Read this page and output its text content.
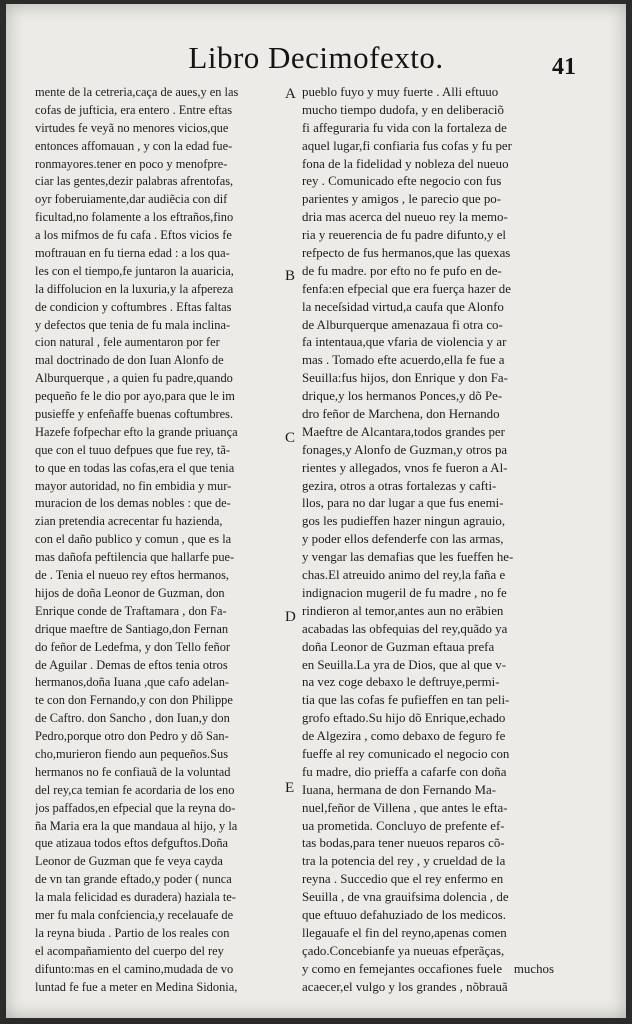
Libro Decimofexto.	41
mente de la cetreria,caça de aues,y en las
cofas de jufticia, era entero . Entre eftas
virtudes fe veyã no menores vicios,que
entonces affomauan , y con la edad fue-
ronmayores.tener en poco y menofpre-
ciar las gentes,dezir palabras afrentofas,
oyr foberuiamente,dar audiẽcia con dif
ficultad,no folamente a los eftraños,fino
a los mifmos de fu cafa . Eftos vicios fe
moftrauan en fu tierna edad : a los qua-
les con el tiempo,fe juntaron la auaricia,
la diffolucion en la luxuria,y la afpereza
de condicion y coftumbres . Eftas faltas
y defectos que tenia de fu mala inclina-
cion natural , fele aumentaron por fer
mal doctrinado de don Iuan Alonfo de
Alburquerque , a quien fu padre,quando
pequeño fe le dio por ayo,para que le im
pusieffe y enfeñaffe buenas coftumbres.
Hazefe fofpechar efto la grande priuança
que con el tuuo defpues que fue rey, tã-
to que en todas las cofas,era el que tenia
mayor autoridad, no fin embidia y mur-
muracion de los demas nobles : que de-
zian pretendia acrecentar fu hazienda,
con el daño publico y comun , que es la
mas dañofa peftilencia que hallarfe pue-
de . Tenia el nueuo rey eftos hermanos,
hijos de doña Leonor de Guzman, don
Enrique conde de Traftamara , don Fa-
drique maeftre de Santiago,don Fernan
do feñor de Ledefma, y don Tello feñor
de Aguilar . Demas de eftos tenia otros
hermanos,doña Iuana ,que cafo adelan-
te con don Fernando,y con don Philippe
de Caftro. don Sancho , don Iuan,y don
Pedro,porque otro don Pedro y dõ San-
cho,murieron fiendo aun pequeños.Sus
hermanos no fe confiauã de la voluntad
del rey,ca temian fe acordaria de los eno
jos paffados,en efpecial que la reyna do-
ña Maria era la que mandaua al hijo, y la
que atizaua todos eftos defguftos.Doña
Leonor de Guzman que fe veya cayda
de vn tan grande eftado,y poder ( nunca
la mala felicidad es duradera) haziala te-
mer fu mala confciencia,y recelauafe de
la reyna biuda . Partio de los reales con
el acompañamiento del cuerpo del rey
difunto:mas en el camino,mudada de vo
luntad fe fue a meter en Medina Sidonia,
pueblo fuyo y muy fuerte . Alli eftuuo
mucho tiempo dudofa, y en deliberaciõ
fi affeguraria fu vida con la fortaleza de
aquel lugar,fi confiaria fus cofas y fu per
fona de la fidelidad y nobleza del nueuo
rey . Comunicado efte negocio con fus
parientes y amigos , le parecio que po-
dria mas acerca del nueuo rey la memo-
ria y reuerencia de fu padre difunto,y el
refpecto de fus hermanos,que las quexas
de fu madre. por efto no fe pufo en de-
fenfa:en efpecial que era fuerça hazer de
la neceſsidad virtud,a caufa que Alonfo
de Alburquerque amenazaua fi otra co-
fa intentaua,que vfaria de violencia y ar
mas . Tomado efte acuerdo,ella fe fue a
Seuilla:fus hijos, don Enrique y don Fa-
drique,y los hermanos Ponces,y dõ Pe-
dro feñor de Marchena, don Hernando
Maeftre de Alcantara,todos grandes per
fonages,y Alonfo de Guzman,y otros pa
rientes y allegados, vnos fe fueron a Al-
gezira, otros a otras fortalezas y cafti-
llos, para no dar lugar a que fus enemi-
gos les pudieffen hazer ningun agrauio,
y poder ellos defenderfe con las armas,
y vengar las demafias que les fueffen he-
chas.El atreuido animo del rey,la faña e
indignacion mugeril de fu madre , no fe
rindieron al temor,antes aun no erãbien
acabadas las obfequias del rey,quãdo ya
doña Leonor de Guzman eftaua prefa
en Seuilla.La yra de Dios, que al que v-
na vez coge debaxo le deftruye,permi-
tia que las cofas fe pufieffen en tan peli-
grofo eftado.Su hijo dõ Enrique,echado
de Algezira , como debaxo de feguro fe
fueffe al rey comunicado el negocio con
fu madre, dio prieffa a cafarfe con doña
Iuana, hermana de don Fernando Ma-
nuel,feñor de Villena , que antes le efta-
ua prometida. Concluyo de prefente ef-
tas bodas,para tener nueuos reparos cõ-
tra la potencia del rey , y crueldad de la
reyna . Succedio que el rey enfermo en
Seuilla , de vna grauifsima dolencia , de
que eftuuo defahuziado de los medicos.
llegauafe el fin del reyno,apenas comen
çado.Concebianfe ya nueuas efperãças,
y como en femejantes occafiones fuele
acaecer,el vulgo y los grandes , nõbrauã
A
B
C
D
E
muchos
